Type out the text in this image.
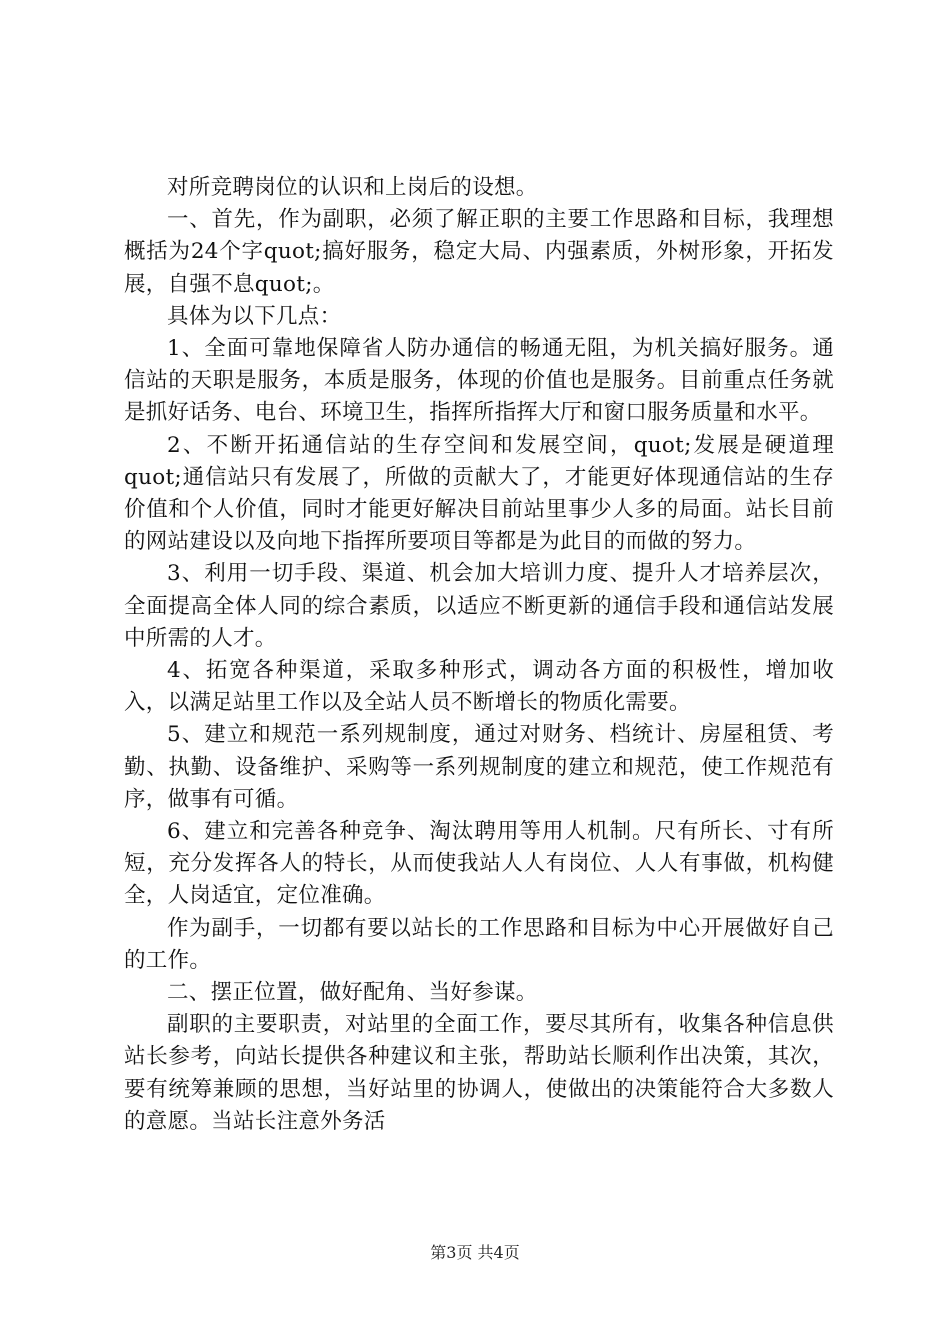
对所竞聘岗位的认识和上岗后的设想。

一、首先，作为副职，必须了解正职的主要工作思路和目标，我理想概括为24个字quot;搞好服务，稳定大局、内强素质，外树形象，开拓发展，自强不息quot;。

具体为以下几点：

1、全面可靠地保障省人防办通信的畅通无阻，为机关搞好服务。通信站的天职是服务，本质是服务，体现的价值也是服务。目前重点任务就是抓好话务、电台、环境卫生，指挥所指挥大厅和窗口服务质量和水平。

2、不断开拓通信站的生存空间和发展空间，quot;发展是硬道理quot;通信站只有发展了，所做的贡献大了，才能更好体现通信站的生存价值和个人价值，同时才能更好解决目前站里事少人多的局面。站长目前的网站建设以及向地下指挥所要项目等都是为此目的而做的努力。

3、利用一切手段、渠道、机会加大培训力度、提升人才培养层次，全面提高全体人同的综合素质，以适应不断更新的通信手段和通信站发展中所需的人才。

4、拓宽各种渠道，采取多种形式，调动各方面的积极性，增加收入，以满足站里工作以及全站人员不断增长的物质化需要。

5、建立和规范一系列规制度，通过对财务、档统计、房屋租赁、考勤、执勤、设备维护、采购等一系列规制度的建立和规范，使工作规范有序，做事有可循。

6、建立和完善各种竞争、淘汰聘用等用人机制。尺有所长、寸有所短，充分发挥各人的特长，从而使我站人人有岗位、人人有事做，机构健全，人岗适宜，定位准确。

作为副手，一切都有要以站长的工作思路和目标为中心开展做好自己的工作。

二、摆正位置，做好配角、当好参谋。

副职的主要职责，对站里的全面工作，要尽其所有，收集各种信息供站长参考，向站长提供各种建议和主张，帮助站长顺利作出决策，其次，要有统筹兼顾的思想，当好站里的协调人，使做出的决策能符合大多数人的意愿。当站长注意外务活

第3页 共4页
